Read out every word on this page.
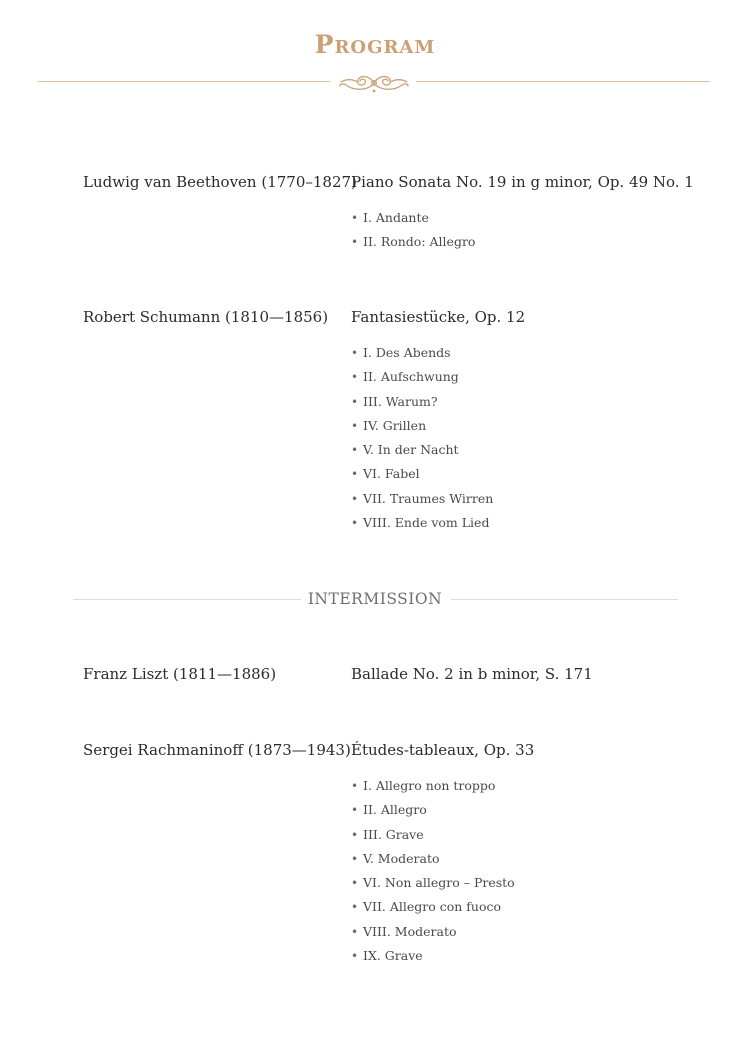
Program
Ludwig van Beethoven (1770–1827)
Piano Sonata No. 19 in g minor, Op. 49 No. 1
• I. Andante
• II. Rondo: Allegro
Robert Schumann (1810—1856) Fantasiestücke, Op. 12
• I. Des Abends
• II. Aufschwung
• III. Warum?
• IV. Grillen
• V. In der Nacht
• VI. Fabel
• VII. Traumes Wirren
• VIII. Ende vom Lied
INTERMISSION
Franz Liszt (1811—1886)	Ballade No. 2 in b minor, S. 171
Sergei Rachmaninoff (1873—1943) Études-tableaux, Op. 33
• I. Allegro non troppo
• II. Allegro
• III. Grave
• V. Moderato
• VI. Non allegro – Presto
• VII. Allegro con fuoco
• VIII. Moderato
• IX. Grave
